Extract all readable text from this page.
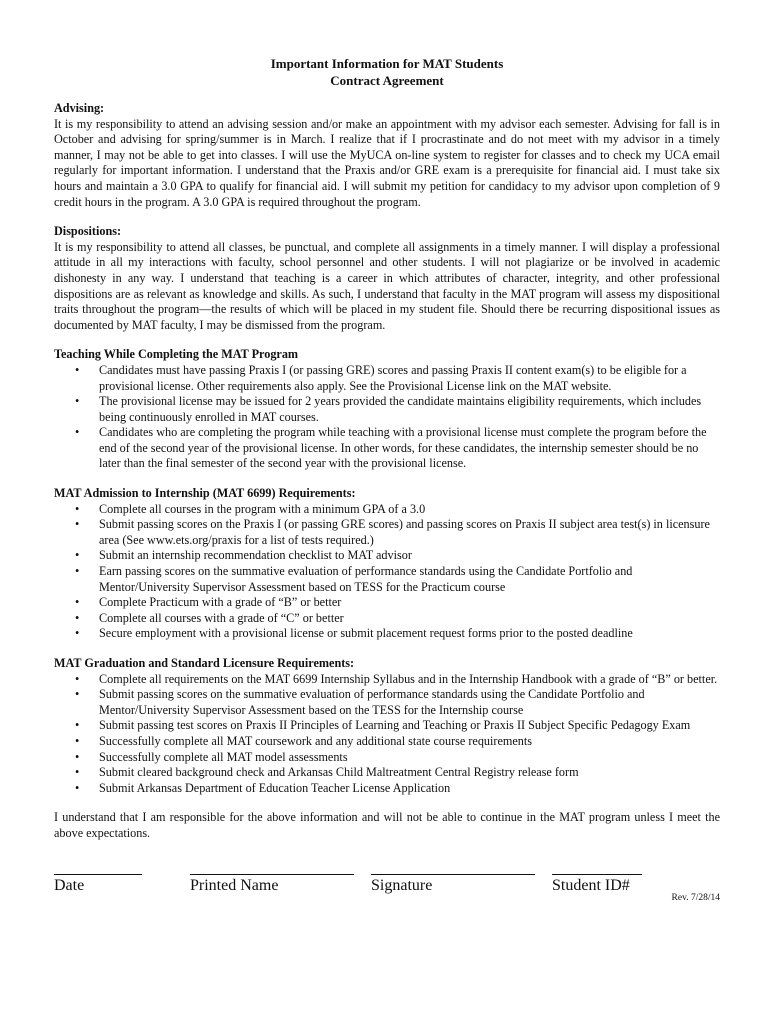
Important Information for MAT Students
Contract Agreement

Advising:

It is my responsibility to attend an advising session and/or make an appointment with my advisor each semester. Advising for fall is in October and advising for spring/summer is in March. I realize that if I procrastinate and do not meet with my advisor in a timely manner, I may not be able to get into classes. I will use the MyUCA on-line system to register for classes and to check my UCA email regularly for important information. I understand that the Praxis and/or GRE exam is a prerequisite for financial aid. I must take six hours and maintain a 3.0 GPA to qualify for financial aid. I will submit my petition for candidacy to my advisor upon completion of 9 credit hours in the program. A 3.0 GPA is required throughout the program.

Dispositions:

It is my responsibility to attend all classes, be punctual, and complete all assignments in a timely manner. I will display a professional attitude in all my interactions with faculty, school personnel and other students. I will not plagiarize or be involved in academic dishonesty in any way. I understand that teaching is a career in which attributes of character, integrity, and other professional dispositions are as relevant as knowledge and skills. As such, I understand that faculty in the MAT program will assess my dispositional traits throughout the program—the results of which will be placed in my student file. Should there be recurring dispositional issues as documented by MAT faculty, I may be dismissed from the program.

Teaching While Completing the MAT Program

• Candidates must have passing Praxis I (or passing GRE) scores and passing Praxis II content exam(s) to be eligible for a provisional license. Other requirements also apply. See the Provisional License link on the MAT website.
• The provisional license may be issued for 2 years provided the candidate maintains eligibility requirements, which includes being continuously enrolled in MAT courses.
• Candidates who are completing the program while teaching with a provisional license must complete the program before the end of the second year of the provisional license. In other words, for these candidates, the internship semester should be no later than the final semester of the second year with the provisional license.

MAT Admission to Internship (MAT 6699) Requirements:

• Complete all courses in the program with a minimum GPA of a 3.0
• Submit passing scores on the Praxis I (or passing GRE scores) and passing scores on Praxis II subject area test(s) in licensure area (See www.ets.org/praxis for a list of tests required.)
• Submit an internship recommendation checklist to MAT advisor
• Earn passing scores on the summative evaluation of performance standards using the Candidate Portfolio and Mentor/University Supervisor Assessment based on TESS for the Practicum course
• Complete Practicum with a grade of “B” or better
• Complete all courses with a grade of “C” or better
• Secure employment with a provisional license or submit placement request forms prior to the posted deadline

MAT Graduation and Standard Licensure Requirements:

• Complete all requirements on the MAT 6699 Internship Syllabus and in the Internship Handbook with a grade of “B” or better.
• Submit passing scores on the summative evaluation of performance standards using the Candidate Portfolio and Mentor/University Supervisor Assessment based on the TESS for the Internship course
• Submit passing test scores on Praxis II Principles of Learning and Teaching or Praxis II Subject Specific Pedagogy Exam
• Successfully complete all MAT coursework and any additional state course requirements
• Successfully complete all MAT model assessments
• Submit cleared background check and Arkansas Child Maltreatment Central Registry release form
• Submit Arkansas Department of Education Teacher License Application

I understand that I am responsible for the above information and will not be able to continue in the MAT program unless I meet the above expectations.

Date	Printed Name	Signature	Student ID#
Rev. 7/28/14
